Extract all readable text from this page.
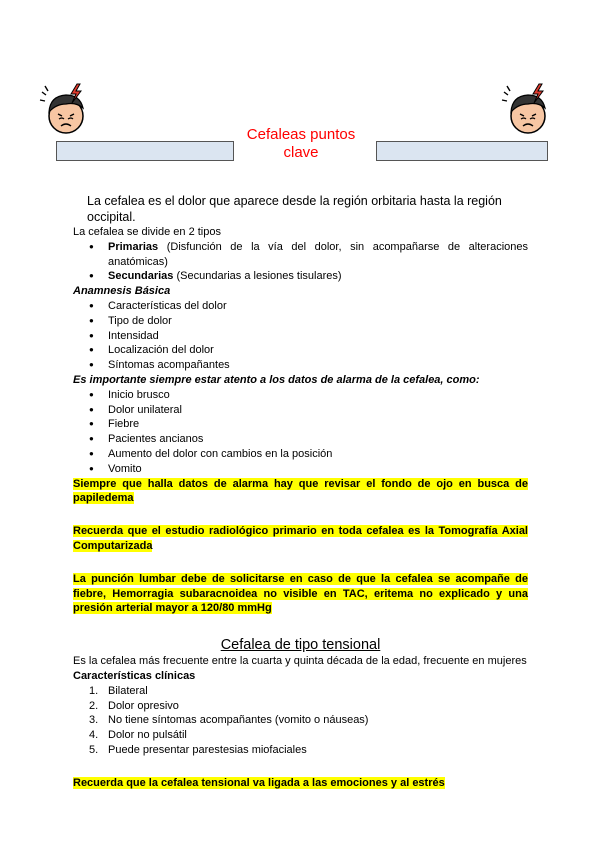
Cefaleas puntos clave
La cefalea es el dolor que aparece desde la región orbitaria hasta la región occipital.
La cefalea se divide en 2 tipos
● Primarias (Disfunción de la vía del dolor, sin acompañarse de alteraciones anatómicas)
● Secundarias (Secundarias a lesiones tisulares)
Anamnesis Básica
● Características del dolor
● Tipo de dolor
● Intensidad
● Localización del dolor
● Síntomas acompañantes
Es importante siempre estar atento a los datos de alarma de la cefalea, como:
● Inicio brusco
● Dolor unilateral
● Fiebre
● Pacientes ancianos
● Aumento del dolor con cambios en la posición
● Vomito
Siempre que halla datos de alarma hay que revisar el fondo de ojo en busca de papiledema
Recuerda que el estudio radiológico primario en toda cefalea es la Tomografía Axial Computarizada
La punción lumbar debe de solicitarse en caso de que la cefalea se acompañe de fiebre, Hemorragia subaracnoidea no visible en TAC, eritema no explicado y una presión arterial mayor a 120/80 mmHg
Cefalea de tipo tensional
Es la cefalea más frecuente entre la cuarta y quinta década de la edad, frecuente en mujeres
Características clínicas
1. Bilateral
2. Dolor opresivo
3. No tiene síntomas acompañantes (vomito o náuseas)
4. Dolor no pulsátil
5. Puede presentar parestesias miofaciales
Recuerda que la cefalea tensional va ligada a las emociones y al estrés
